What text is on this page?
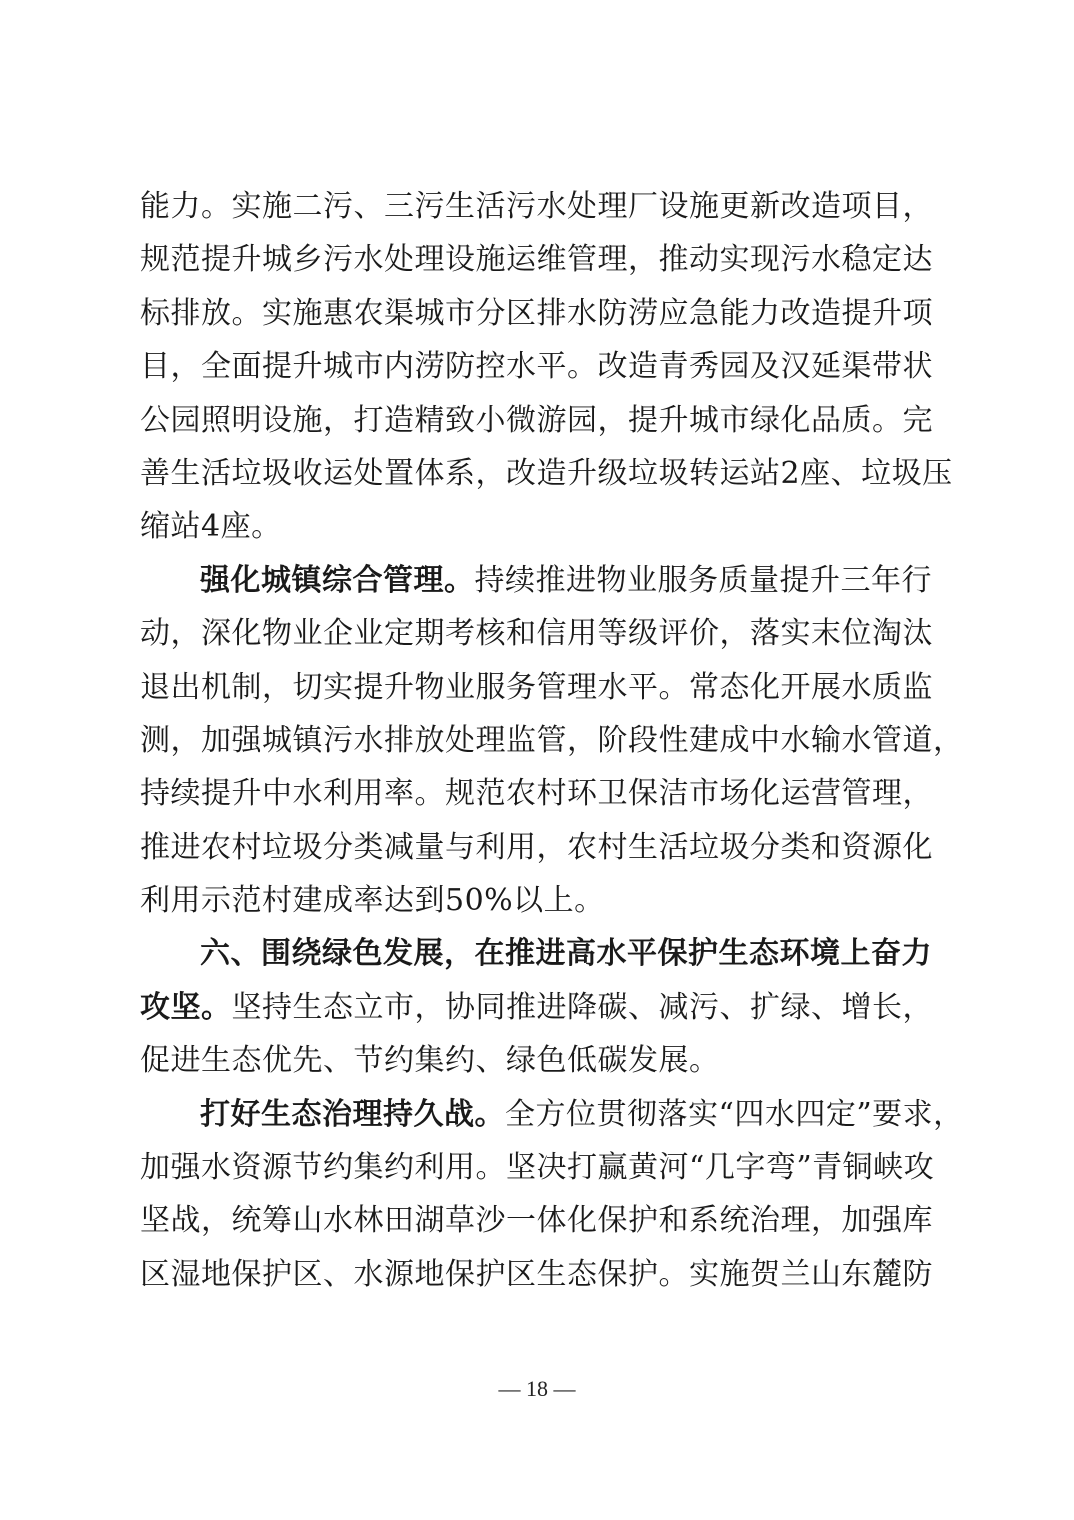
能力。实施二污、三污生活污水处理厂设施更新改造项目，
规范提升城乡污水处理设施运维管理，推动实现污水稳定达
标排放。实施惠农渠城市分区排水防涝应急能力改造提升项
目，全面提升城市内涝防控水平。改造青秀园及汉延渠带状
公园照明设施，打造精致小微游园，提升城市绿化品质。完
善生活垃圾收运处置体系，改造升级垃圾转运站2座、垃圾压
缩站4座。
强化城镇综合管理。持续推进物业服务质量提升三年行
动，深化物业企业定期考核和信用等级评价，落实末位淘汰
退出机制，切实提升物业服务管理水平。常态化开展水质监
测，加强城镇污水排放处理监管，阶段性建成中水输水管道，
持续提升中水利用率。规范农村环卫保洁市场化运营管理，
推进农村垃圾分类减量与利用，农村生活垃圾分类和资源化
利用示范村建成率达到50%以上。
六、围绕绿色发展，在推进高水平保护生态环境上奋力
攻坚。坚持生态立市，协同推进降碳、减污、扩绿、增长，
促进生态优先、节约集约、绿色低碳发展。
打好生态治理持久战。全方位贯彻落实“四水四定”要求，
加强水资源节约集约利用。坚决打赢黄河“几字弯”青铜峡攻
坚战，统筹山水林田湖草沙一体化保护和系统治理，加强库
区湿地保护区、水源地保护区生态保护。实施贺兰山东麓防
— 18 —
